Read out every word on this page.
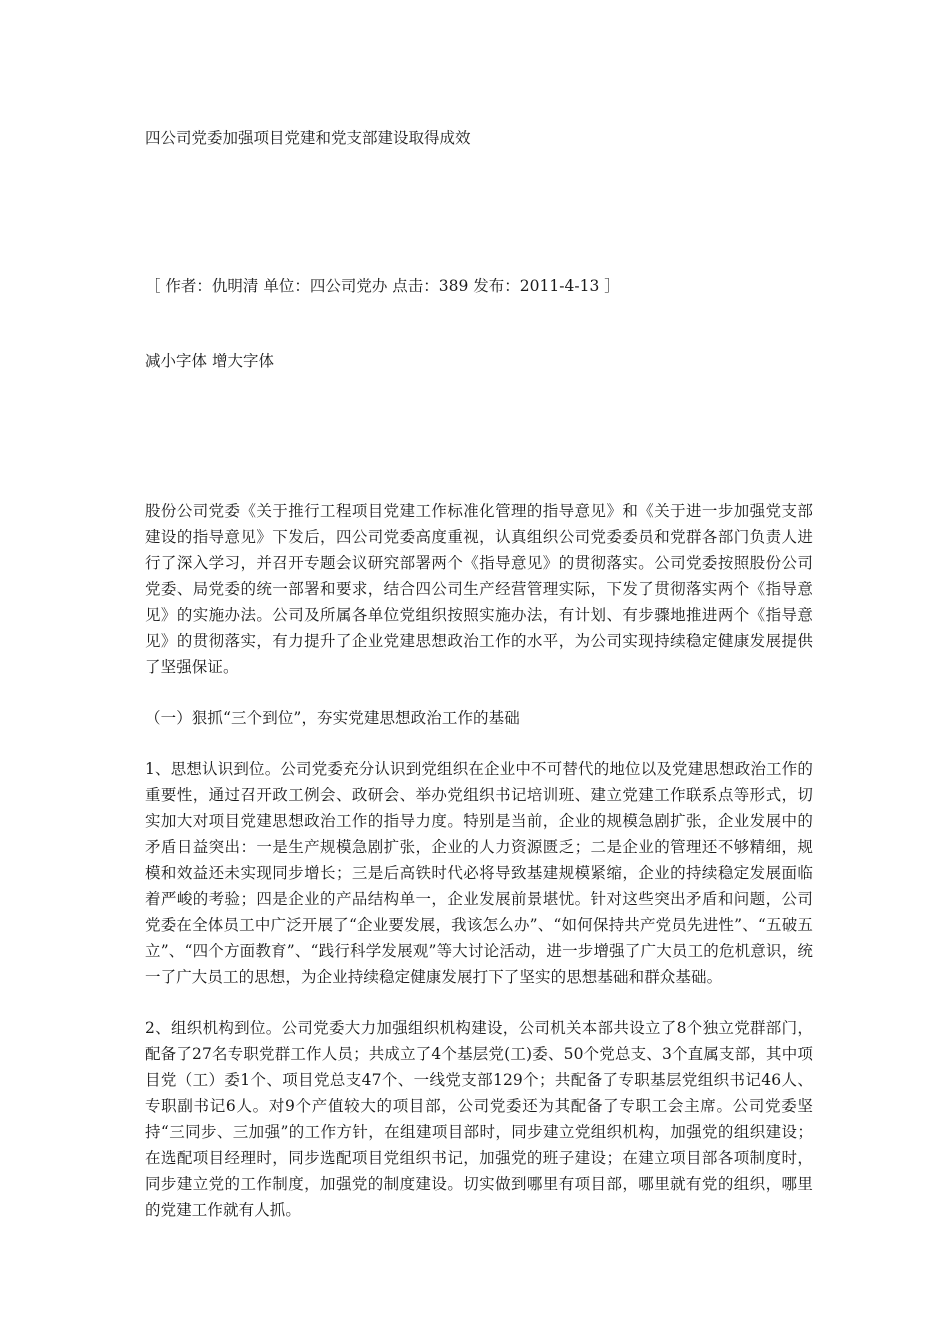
四公司党委加强项目党建和党支部建设取得成效
［ 作者：仇明清 单位：四公司党办 点击：389 发布：2011-4-13 ］
减小字体 增大字体

股份公司党委《关于推行工程项目党建工作标准化管理的指导意见》和《关于进一步加强党支部建设的指导意见》下发后，四公司党委高度重视，认真组织公司党委委员和党群各部门负责人进行了深入学习，并召开专题会议研究部署两个《指导意见》的贯彻落实。公司党委按照股份公司党委、局党委的统一部署和要求，结合四公司生产经营管理实际，下发了贯彻落实两个《指导意见》的实施办法。公司及所属各单位党组织按照实施办法，有计划、有步骤地推进两个《指导意见》的贯彻落实，有力提升了企业党建思想政治工作的水平，为公司实现持续稳定健康发展提供了坚强保证。

（一）狠抓“三个到位”，夯实党建思想政治工作的基础

1、思想认识到位。公司党委充分认识到党组织在企业中不可替代的地位以及党建思想政治工作的重要性，通过召开政工例会、政研会、举办党组织书记培训班、建立党建工作联系点等形式，切实加大对项目党建思想政治工作的指导力度。特别是当前，企业的规模急剧扩张，企业发展中的矛盾日益突出：一是生产规模急剧扩张，企业的人力资源匮乏；二是企业的管理还不够精细，规模和效益还未实现同步增长；三是后高铁时代必将导致基建规模紧缩，企业的持续稳定发展面临着严峻的考验；四是企业的产品结构单一，企业发展前景堪忧。针对这些突出矛盾和问题，公司党委在全体员工中广泛开展了“企业要发展，我该怎么办”、“如何保持共产党员先进性”、“五破五立”、“四个方面教育”、“践行科学发展观”等大讨论活动，进一步增强了广大员工的危机意识，统一了广大员工的思想，为企业持续稳定健康发展打下了坚实的思想基础和群众基础。

2、组织机构到位。公司党委大力加强组织机构建设，公司机关本部共设立了8个独立党群部门，配备了27名专职党群工作人员；共成立了4个基层党(工)委、50个党总支、3个直属支部，其中项目党（工）委1个、项目党总支47个、一线党支部129个；共配备了专职基层党组织书记46人、专职副书记6人。对9个产值较大的项目部，公司党委还为其配备了专职工会主席。公司党委坚持“三同步、三加强”的工作方针，在组建项目部时，同步建立党组织机构，加强党的组织建设；在选配项目经理时，同步选配项目党组织书记，加强党的班子建设；在建立项目部各项制度时，同步建立党的工作制度，加强党的制度建设。切实做到哪里有项目部，哪里就有党的组织，哪里的党建工作就有人抓。
